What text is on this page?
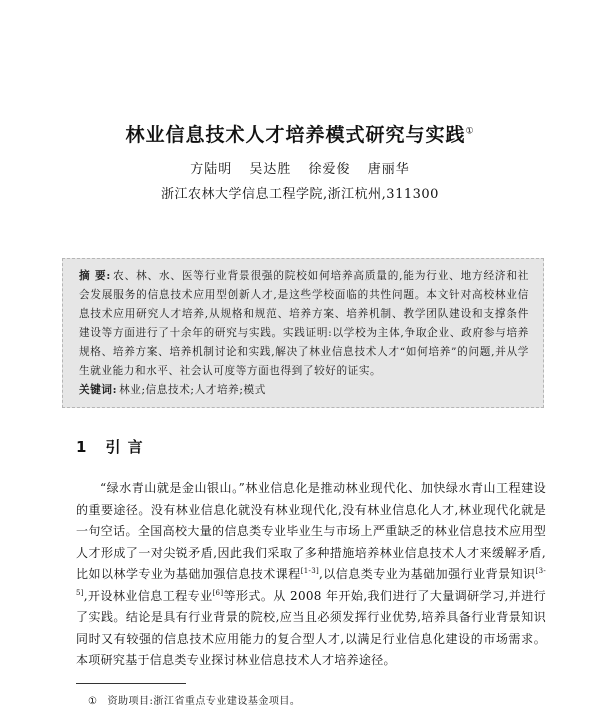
林业信息技术人才培养模式研究与实践①
方陆明 吴达胜 徐爱俊 唐丽华
浙江农林大学信息工程学院,浙江杭州,311300
摘 要: 农、林、水、医等行业背景很强的院校如何培养高质量的,能为行业、地方经济和社会发展服务的信息技术应用型创新人才,是这些学校面临的共性问题。本文针对高校林业信息技术应用研究人才培养,从规格和规范、培养方案、培养机制、教学团队建设和支撑条件建设等方面进行了十余年的研究与实践。实践证明:以学校为主体,争取企业、政府参与培养规格、培养方案、培养机制讨论和实践,解决了林业信息技术人才“如何培养”的问题,并从学生就业能力和水平、社会认可度等方面也得到了较好的证实。
关键词: 林业;信息技术;人才培养;模式
1 引 言
“绿水青山就是金山银山。”林业信息化是推动林业现代化、加快绿水青山工程建设的重要途径。没有林业信息化就没有林业现代化,没有林业信息化人才,林业现代化就是一句空话。全国高校大量的信息类专业毕业生与市场上严重缺乏的林业信息技术应用型人才形成了一对尖锐矛盾,因此我们采取了多种措施培养林业信息技术人才来缓解矛盾,比如以林学专业为基础加强信息技术课程[1-3],以信息类专业为基础加强行业背景知识[3-5],开设林业信息工程专业[6]等形式。从 2008 年开始,我们进行了大量调研学习,并进行了实践。结论是具有行业背景的院校,应当且必须发挥行业优势,培养具备行业背景知识同时又有较强的信息技术应用能力的复合型人才,以满足行业信息化建设的市场需求。本项研究基于信息类专业探讨林业信息技术人才培养途径。
① 资助项目:浙江省重点专业建设基金项目。
